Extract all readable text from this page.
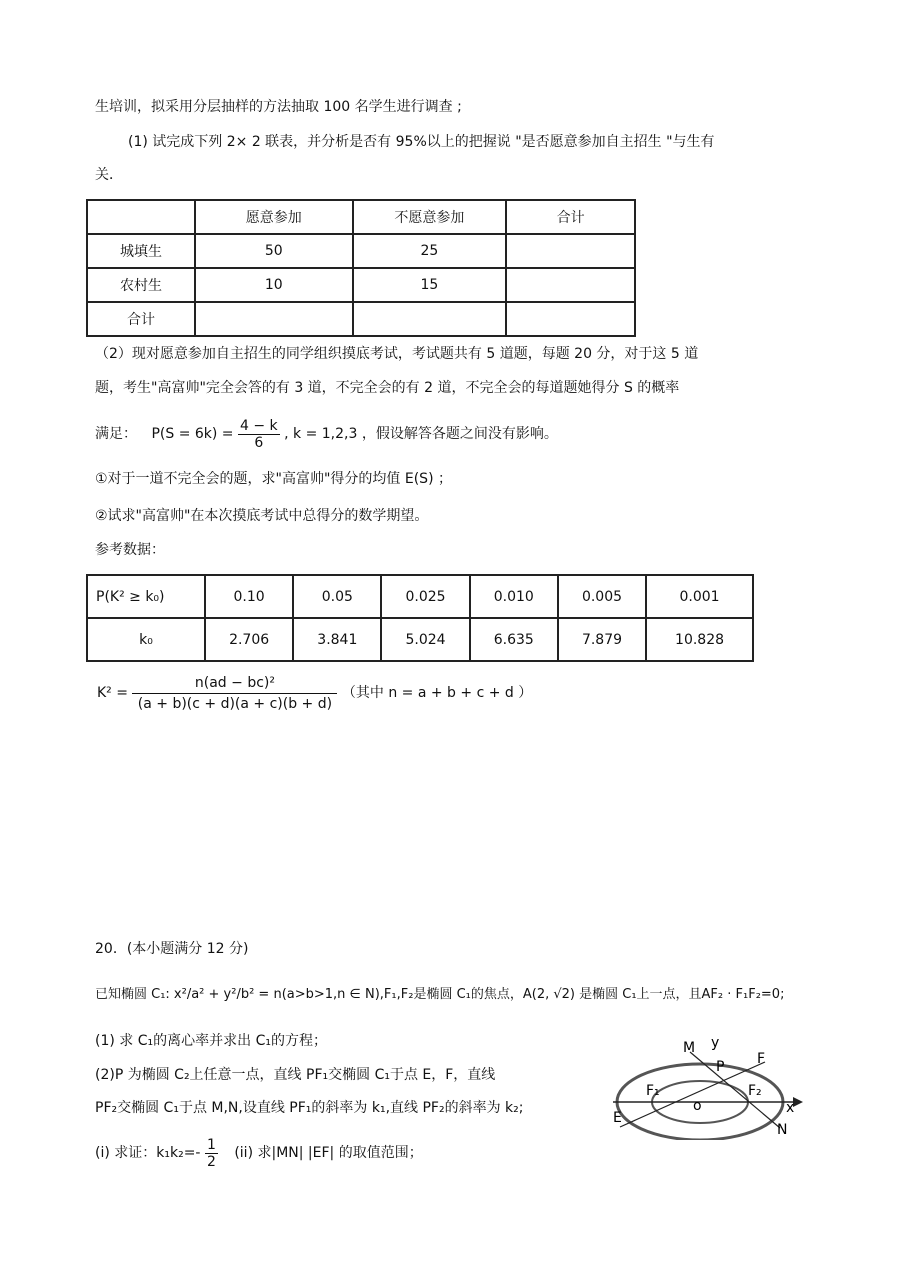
生培训，拟采用分层抽样的方法抽取 100 名学生进行调查 ;
(1) 试完成下列 2× 2 联表，并分析是否有 95%以上的把握说 "是否愿意参加自主招生 "与生有
关．
	愿意参加	不愿意参加	合计
城填生	50	25	
农村生	10	15	
合计			
（2）现对愿意参加自主招生的同学组织摸底考试，考试题共有 5 道题，每题 20 分，对于这 5 道
题，考生"高富帅"完全会答的有 3 道，不完全会的有 2 道，不完全会的每道题她得分 S 的概率
满足： $P(S = 6k) = \frac{4 - k}{6}$ , k = 1,2,3 ，假设解答各题之间没有影响。
①对于一道不完全会的题，求"高富帅"得分的均值 E(S) ；
②试求"高富帅"在本次摸底考试中总得分的数学期望。
参考数据：
P(K² ≥ k₀)	0.10	0.05	0.025	0.010	0.005	0.001
k₀	2.706	3.841	5.024	6.635	7.879	10.828
$K^2 = \frac{\text{n(ad − bc)²}}{(a + b)(c + d)(a + c)(b + d)}$ （其中 n = a + b + c + d ）
20．(本小题满分 12 分)
已知椭圆 C₁: x²/a² + y²/b² = n(a>b>1,n ∈ N),F₁,F₂是椭圆 C₁的焦点，A(2, √2) 是椭圆 C₁上一点，且AF₂ · F₁F₂=0;
(1) 求 C₁的离心率并求出 C₁的方程；
(2)P 为椭圆 C₂上任意一点，直线 PF₁交椭圆 C₁于点 E，F，直线
PF₂交椭圆 C₁于点 M,N,设直线 PF₁的斜率为 k₁,直线 PF₂的斜率为 k₂;
(i) 求证：$k_1k_2=- \frac{1}{2} (ii)$ 求|MN| |EF| 的取值范围；
M y
P F
F₁	F₂
o
E
x
N
